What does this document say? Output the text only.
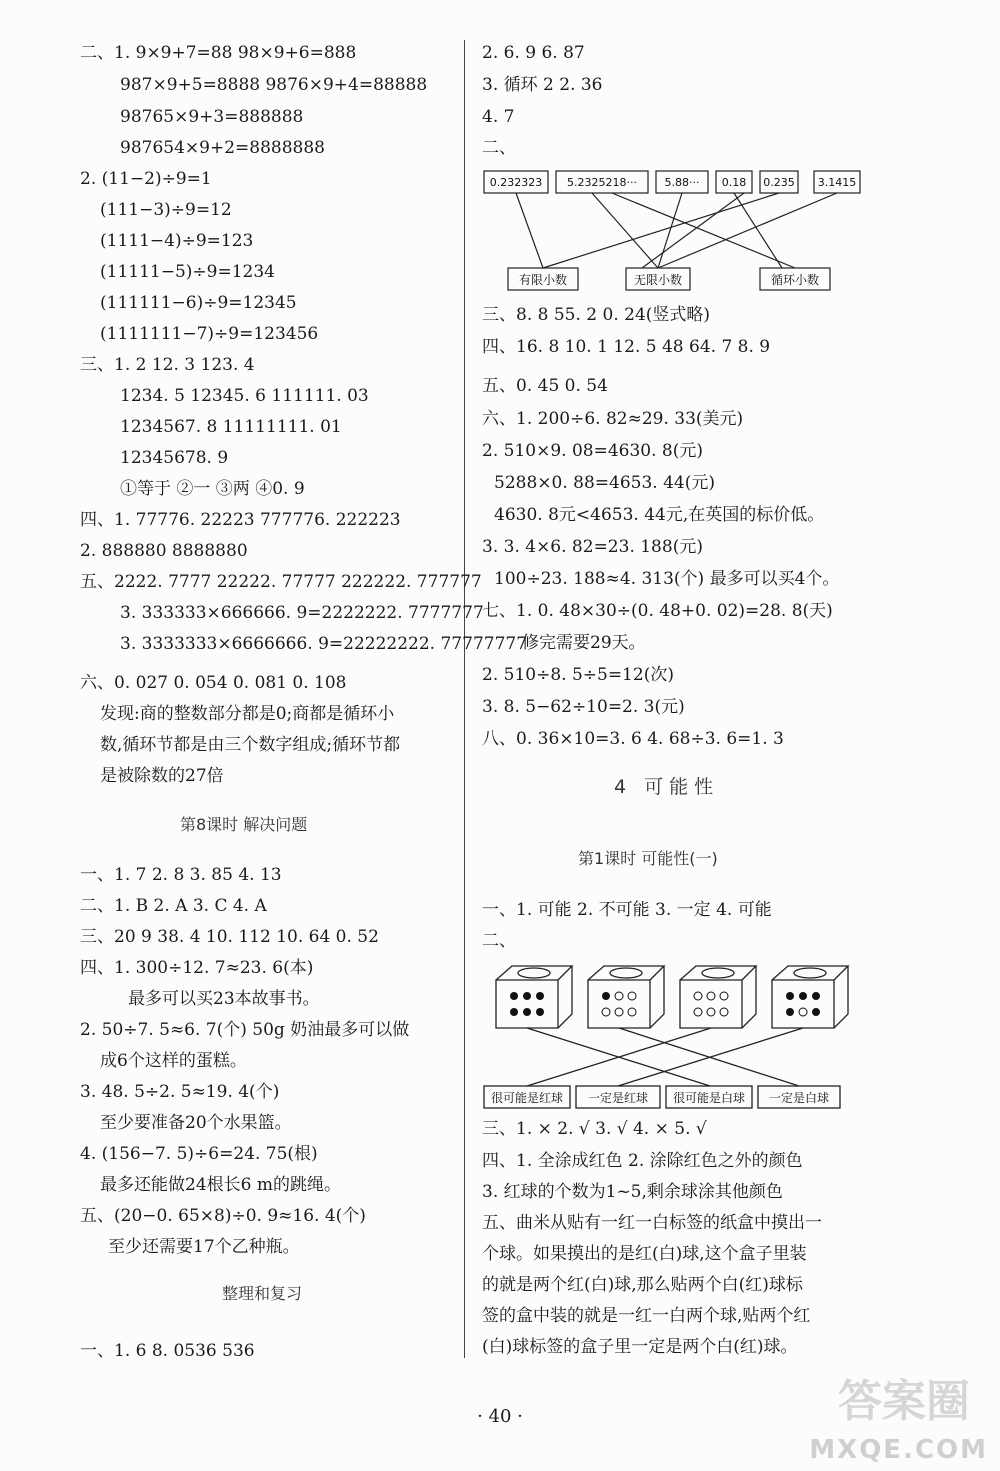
二、1. 9×9+7=88 98×9+6=888
987×9+5=8888 9876×9+4=88888
98765×9+3=888888
987654×9+2=8888888
2. (11−2)÷9=1
(111−3)÷9=12
(1111−4)÷9=123
(11111−5)÷9=1234
(111111−6)÷9=12345
(1111111−7)÷9=123456
三、1. 2 12. 3 123. 4
1234. 5 12345. 6 111111. 03
1234567. 8 11111111. 01
12345678. 9
①等于 ②一 ③两 ④0. 9
四、1. 77776. 22223 777776. 222223
2. 888880 8888880
五、2222. 7777 22222. 77777 222222. 777777
3. 333333×666666. 9=2222222. 7777777
3. 3333333×6666666. 9=22222222. 77777777
六、0. 027 0. 054 0. 081 0. 108
发现:商的整数部分都是0;商都是循环小
数,循环节都是由三个数字组成;循环节都
是被除数的27倍
第8课时 解决问题
一、1. 7 2. 8 3. 85 4. 13
二、1. B 2. A 3. C 4. A
三、20 9 38. 4 10. 112 10. 64 0. 52
四、1. 300÷12. 7≈23. 6(本)
最多可以买23本故事书。
2. 50÷7. 5≈6. 7(个) 50g 奶油最多可以做
成6个这样的蛋糕。
3. 48. 5÷2. 5≈19. 4(个)
至少要准备20个水果篮。
4. (156−7. 5)÷6=24. 75(根)
最多还能做24根长6 m的跳绳。
五、(20−0. 65×8)÷0. 9≈16. 4(个)
至少还需要17个乙种瓶。
整理和复习
一、1. 6 8. 0536 536
2. 6. 9 6. 87
3. 循环 2 2. 36
4. 7
二、
0.232323 5.2325218···	5.88··· 0.18 0.235 3.1415
有限小数	无限小数	循环小数
三、8. 8 55. 2 0. 24(竖式略)
四、16. 8 10. 1 12. 5 48 64. 7 8. 9
五、0. 45 0. 54
六、1. 200÷6. 82≈29. 33(美元)
2. 510×9. 08=4630. 8(元)
5288×0. 88=4653. 44(元)
4630. 8元<4653. 44元,在英国的标价低。
3. 3. 4×6. 82=23. 188(元)
100÷23. 188≈4. 313(个) 最多可以买4个。
七、1. 0. 48×30÷(0. 48+0. 02)=28. 8(天)
修完需要29天。
2. 510÷8. 5÷5=12(次)
3. 8. 5−62÷10=2. 3(元)
八、0. 36×10=3. 6 4. 68÷3. 6=1. 3
4 可能性
第1课时 可能性(一)
一、1. 可能 2. 不可能 3. 一定 4. 可能
二、
很可能是红球 一定是红球 很可能是白球 一定是白球
三、1. × 2. √ 3. √ 4. × 5. √
四、1. 全涂成红色 2. 涂除红色之外的颜色
3. 红球的个数为1~5,剩余球涂其他颜色
五、曲米从贴有一红一白标签的纸盒中摸出一
个球。如果摸出的是红(白)球,这个盒子里装
的就是两个红(白)球,那么贴两个白(红)球标
签的盒中装的就是一红一白两个球,贴两个红
(白)球标签的盒子里一定是两个白(红)球。
· 40 ·	答案圈
MXQE.COM
